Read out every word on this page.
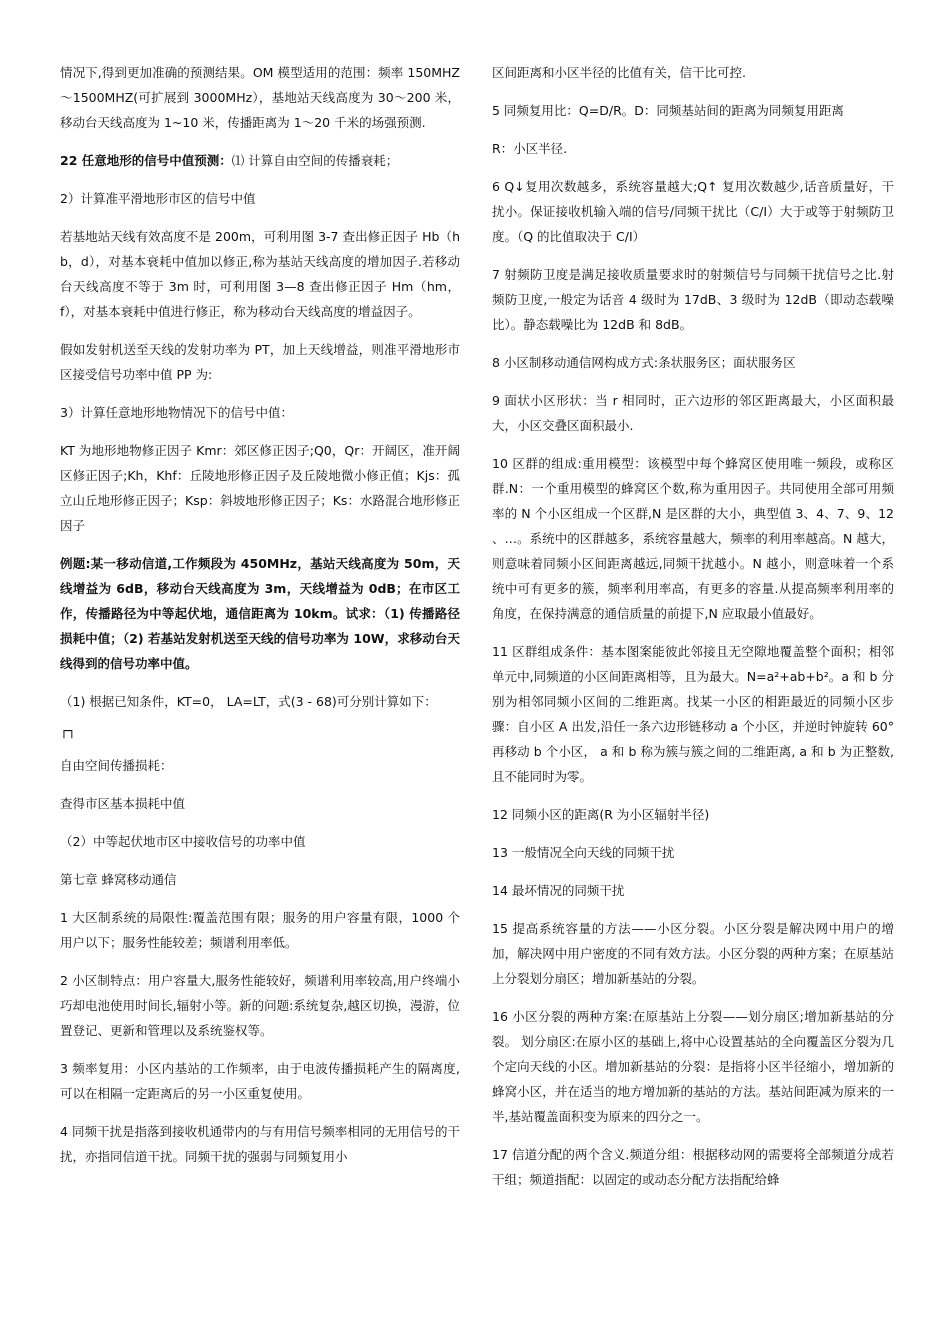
情况下,得到更加准确的预测结果。OM 模型适用的范围：频率 150MHZ ～1500MHZ(可扩展到 3000MHz），基地站天线高度为 30～200 米，移动台天线高度为 1~10 米，传播距离为 1～20 千米的场强预测.

22 任意地形的信号中值预测：⑴ 计算自由空间的传播衰耗；

2）计算准平滑地形市区的信号中值

若基地站天线有效高度不是 200m，可利用图 3-7 查出修正因子 Hb（hb，d），对基本衰耗中值加以修正,称为基站天线高度的增加因子.若移动台天线高度不等于 3m 时，可利用图 3—8 查出修正因子 Hm（hm，f），对基本衰耗中值进行修正，称为移动台天线高度的增益因子。

假如发射机送至天线的发射功率为 PT，加上天线增益，则准平滑地形市区接受信号功率中值 PP 为:

3）计算任意地形地物情况下的信号中值：

KT 为地形地物修正因子 Kmr：郊区修正因子;Q0，Qr：开阔区，准开阔区修正因子;Kh，Khf：丘陵地形修正因子及丘陵地微小修正值；Kjs：孤立山丘地形修正因子；Ksp：斜坡地形修正因子；Ks：水路混合地形修正因子

例题:某一移动信道,工作频段为 450MHz，基站天线高度为 50m，天线增益为 6dB，移动台天线高度为 3m，天线增益为 0dB；在市区工作，传播路径为中等起伏地，通信距离为 10km。试求：（1) 传播路径损耗中值；（2) 若基站发射机送至天线的信号功率为 10W，求移动台天线得到的信号功率中值。

（1) 根据已知条件，KT=0， LA=LT，式(3 - 68)可分别计算如下：

┌┐

自由空间传播损耗：

查得市区基本损耗中值

（2）中等起伏地市区中接收信号的功率中值

第七章 蜂窝移动通信

1 大区制系统的局限性:覆盖范围有限；服务的用户容量有限，1000 个用户以下；服务性能较差；频谱利用率低。

2 小区制特点：用户容量大,服务性能较好，频谱利用率较高,用户终端小巧却电池使用时间长,辐射小等。新的问题:系统复杂,越区切换，漫游，位置登记、更新和管理以及系统鉴权等。

3 频率复用：小区内基站的工作频率，由于电波传播损耗产生的隔离度,可以在相隔一定距离后的另一小区重复使用。

4 同频干扰是指落到接收机通带内的与有用信号频率相同的无用信号的干扰，亦指同信道干扰。同频干扰的强弱与同频复用小

区间距离和小区半径的比值有关，信干比可控.

5 同频复用比：Q=D/R。D：同频基站间的距离为同频复用距离

R：小区半径.

6 Q↓复用次数越多，系统容量越大;Q↑ 复用次数越少,话音质量好，干扰小。保证接收机输入端的信号/同频干扰比（C/I）大于或等于射频防卫度。（Q 的比值取决于 C/I）

7 射频防卫度是满足接收质量要求时的射频信号与同频干扰信号之比.射频防卫度,一般定为话音 4 级时为 17dB、3 级时为 12dB（即动态载噪比）。静态载噪比为 12dB 和 8dB。

8 小区制移动通信网构成方式:条状服务区；面状服务区

9 面状小区形状：当 r 相同时，正六边形的邻区距离最大，小区面积最大，小区交叠区面积最小.

10 区群的组成:重用模型：该模型中每个蜂窝区使用唯一频段，或称区群.N：一个重用模型的蜂窝区个数,称为重用因子。共同使用全部可用频率的 N 个小区组成一个区群,N 是区群的大小，典型值 3、4、7、9、12 、…。系统中的区群越多，系统容量越大，频率的利用率越高。N 越大，则意味着同频小区间距离越远,同频干扰越小。N 越小，则意味着一个系统中可有更多的簇，频率利用率高，有更多的容量.从提高频率利用率的角度，在保持满意的通信质量的前提下,N 应取最小值最好。

11 区群组成条件：基本图案能彼此邻接且无空隙地覆盖整个面积；相邻单元中,同频道的小区间距离相等，且为最大。N=a²+ab+b²。a 和 b 分别为相邻同频小区间的二维距离。找某一小区的相距最近的同频小区步骤：自小区 A 出发,沿任一条六边形链移动 a 个小区，并逆时钟旋转 60°再移动 b 个小区， a 和 b 称为簇与簇之间的二维距离, a 和 b 为正整数,且不能同时为零。

12 同频小区的距离(R 为小区辐射半径)

13 一般情况全向天线的同频干扰

14 最坏情况的同频干扰

15 提高系统容量的方法——小区分裂。小区分裂是解决网中用户的增加，解决网中用户密度的不同有效方法。小区分裂的两种方案；在原基站上分裂划分扇区；增加新基站的分裂。

16 小区分裂的两种方案:在原基站上分裂——划分扇区;增加新基站的分裂。 划分扇区:在原小区的基础上,将中心设置基站的全向覆盖区分裂为几个定向天线的小区。增加新基站的分裂：是指将小区半径缩小，增加新的蜂窝小区，并在适当的地方增加新的基站的方法。基站间距减为原来的一半,基站覆盖面积变为原来的四分之一。

17 信道分配的两个含义.频道分组：根据移动网的需要将全部频道分成若干组；频道指配：以固定的或动态分配方法指配给蜂
